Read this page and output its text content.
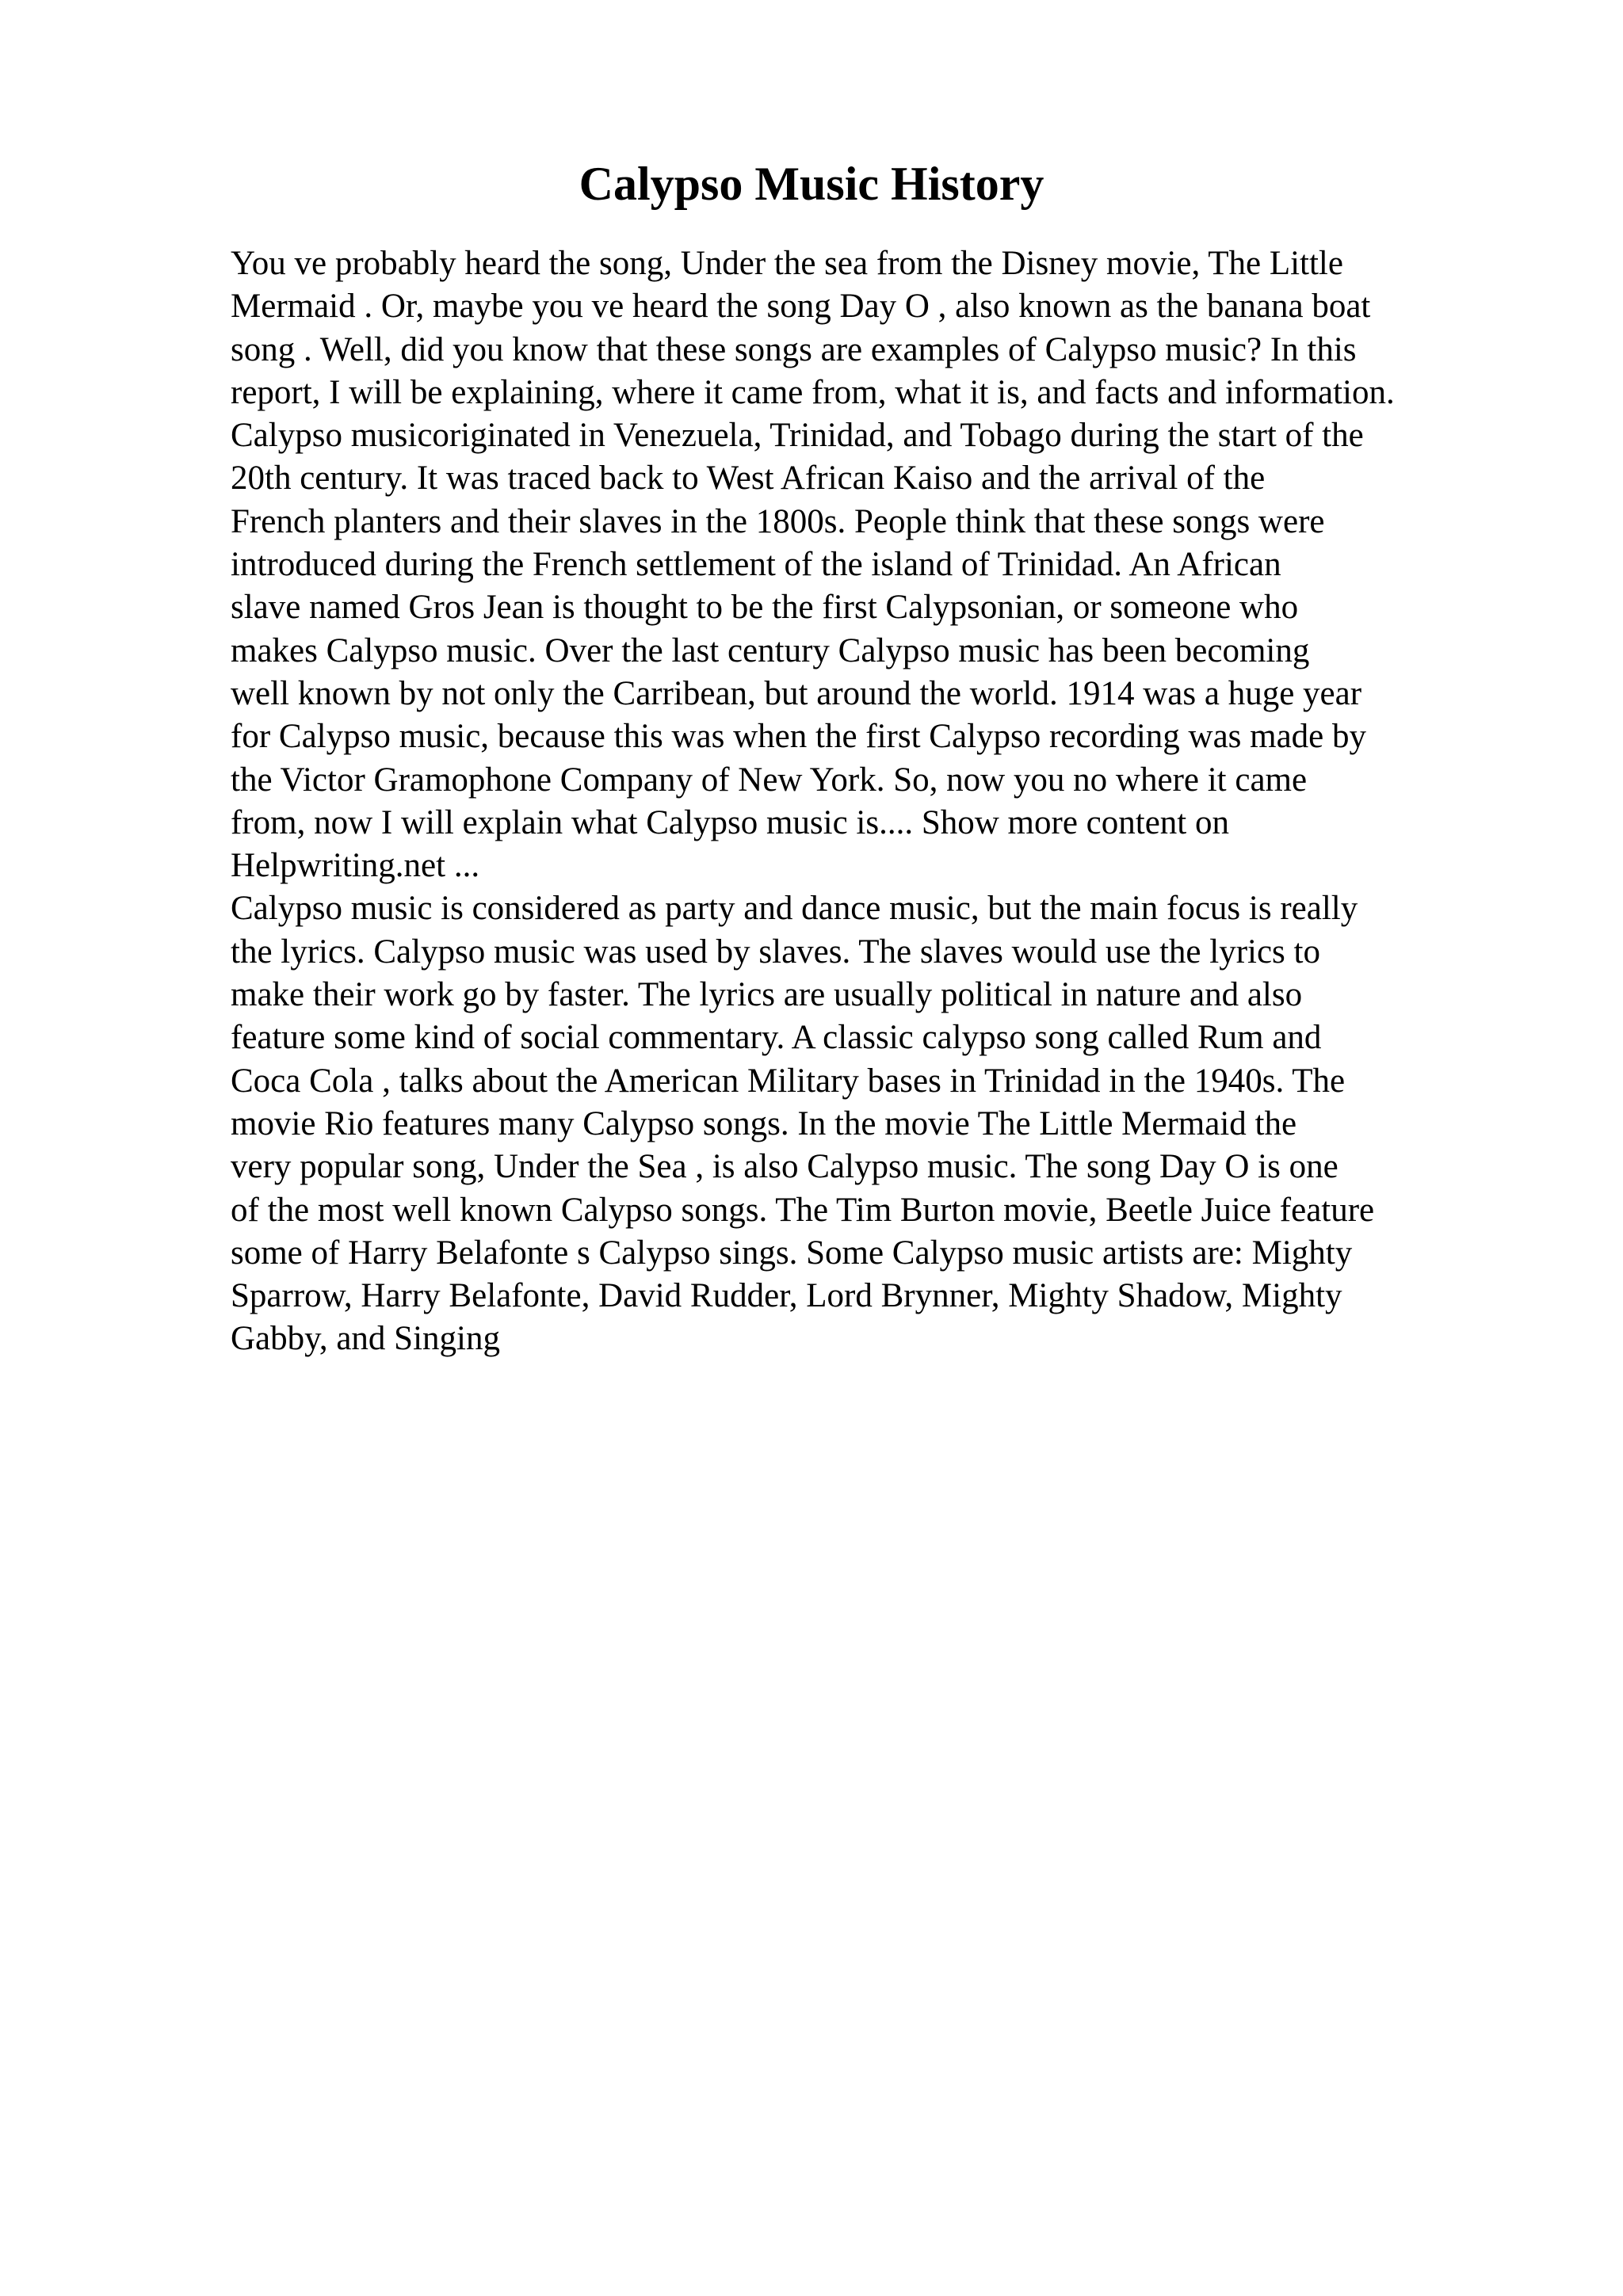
Calypso Music History
You ve probably heard the song, Under the sea from the Disney movie, The Little
Mermaid . Or, maybe you ve heard the song Day O , also known as the banana boat
song . Well, did you know that these songs are examples of Calypso music? In this
report, I will be explaining, where it came from, what it is, and facts and information.
Calypso musicoriginated in Venezuela, Trinidad, and Tobago during the start of the
20th century. It was traced back to West African Kaiso and the arrival of the
French planters and their slaves in the 1800s. People think that these songs were
introduced during the French settlement of the island of Trinidad. An African
slave named Gros Jean is thought to be the first Calypsonian, or someone who
makes Calypso music. Over the last century Calypso music has been becoming
well known by not only the Carribean, but around the world. 1914 was a huge year
for Calypso music, because this was when the first Calypso recording was made by
the Victor Gramophone Company of New York. So, now you no where it came
from, now I will explain what Calypso music is.... Show more content on
Helpwriting.net ...
Calypso music is considered as party and dance music, but the main focus is really
the lyrics. Calypso music was used by slaves. The slaves would use the lyrics to
make their work go by faster. The lyrics are usually political in nature and also
feature some kind of social commentary. A classic calypso song called Rum and
Coca Cola , talks about the American Military bases in Trinidad in the 1940s. The
movie Rio features many Calypso songs. In the movie The Little Mermaid the
very popular song, Under the Sea , is also Calypso music. The song Day O is one
of the most well known Calypso songs. The Tim Burton movie, Beetle Juice feature
some of Harry Belafonte s Calypso sings. Some Calypso music artists are: Mighty
Sparrow, Harry Belafonte, David Rudder, Lord Brynner, Mighty Shadow, Mighty
Gabby, and Singing
